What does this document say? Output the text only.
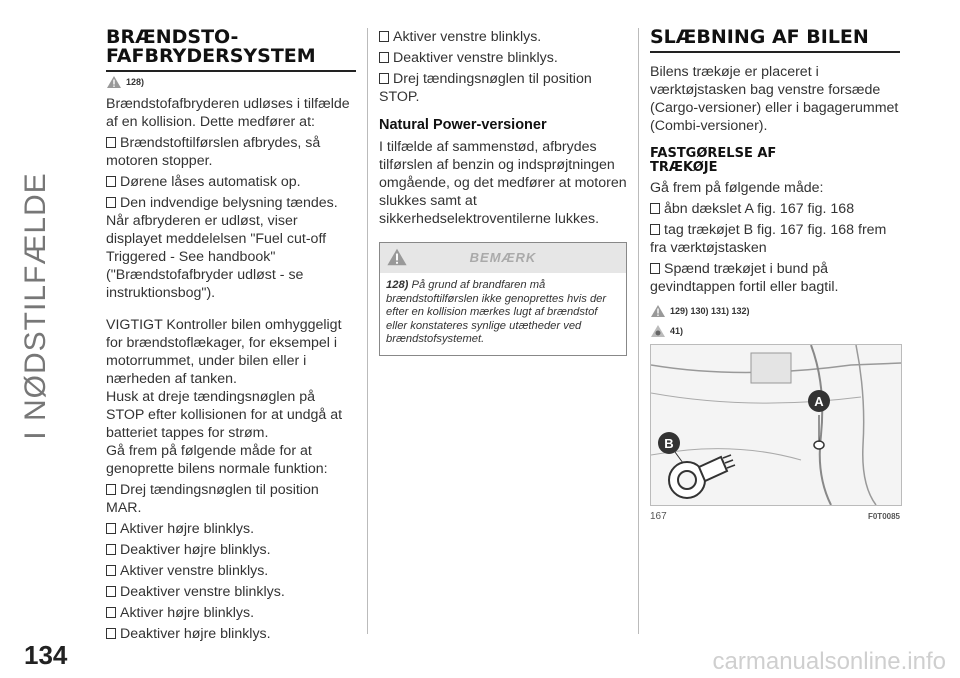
I NØDSTILFÆLDE
BRÆNDSTO-
FAFBRYDERSYSTEM
128)

Brændstofafbryderen udløses i tilfælde af en kollision. Dette medfører at:

Brændstoftilførslen afbrydes, så motoren stopper.

Dørene låses automatisk op.

Den indvendige belysning tændes.

Når afbryderen er udløst, viser displayet meddelelsen "Fuel cut-off Triggered - See handbook" ("Brændstofafbryder udløst - se instruktionsbog").

VIGTIGT Kontroller bilen omhyggeligt for brændstoflækager, for eksempel i motorrummet, under bilen eller i nærheden af tanken.

Husk at dreje tændingsnøglen på STOP efter kollisionen for at undgå at batteriet tappes for strøm.

Gå frem på følgende måde for at genoprette bilens normale funktion:

Drej tændingsnøglen til position MAR.

Aktiver højre blinklys.

Deaktiver højre blinklys.

Aktiver venstre blinklys.

Deaktiver venstre blinklys.

Aktiver højre blinklys.

Deaktiver højre blinklys.

Aktiver venstre blinklys.

Deaktiver venstre blinklys.

Drej tændingsnøglen til position STOP.

Natural Power-versioner

I tilfælde af sammenstød, afbrydes tilførslen af benzin og indsprøjtningen omgående, og det medfører at motoren slukkes samt at sikkerhedselektroventilerne lukkes.

BEMÆRK
128) På grund af brandfaren må brændstoftilførslen ikke genoprettes hvis der efter en kollision mærkes lugt af brændstof eller konstateres synlige utætheder ved brændstofsystemet.
SLÆBNING AF BILEN

Bilens trækøje er placeret i værktøjstasken bag venstre forsæde (Cargo-versioner) eller i bagagerummet (Combi-versioner).

FASTGØRELSE AF
TRÆKØJE

Gå frem på følgende måde:

åbn dækslet A fig. 167 fig. 168

tag trækøjet B fig. 167 fig. 168 frem fra værktøjstasken

Spænd trækøjet i bund på gevindtappen fortil eller bagtil.

129) 130) 131) 132)
41)
A
B
167	F0T0085
134	carmanualsonline.info
